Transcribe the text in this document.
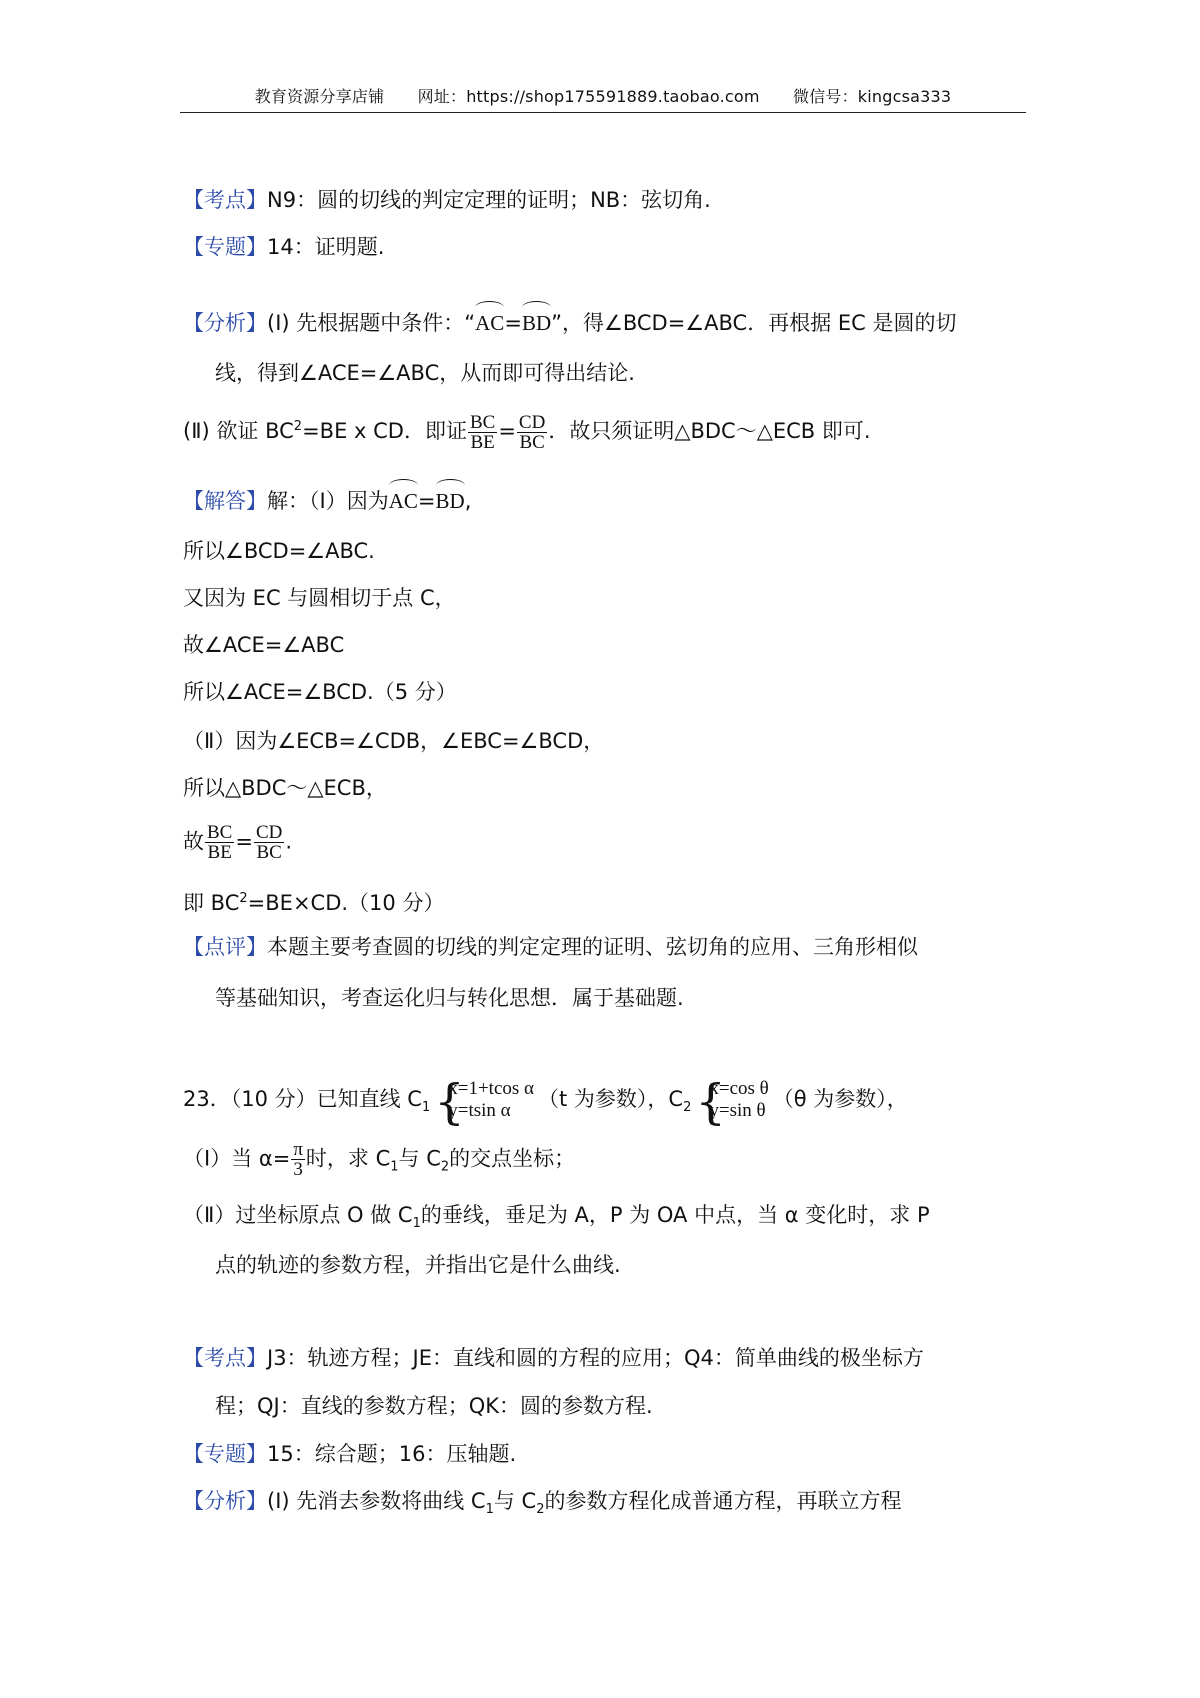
教育资源分享店铺 网址：https://shop175591889.taobao.com 微信号：kingcsa333
【考点】N9：圆的切线的判定定理的证明；NB：弦切角.
【专题】14：证明题.
【分析】(Ⅰ) 先根据题中条件：“AC=BD”，得∠BCD=∠ABC．再根据 EC 是圆的切
线，得到∠ACE=∠ABC，从而即可得出结论.
(Ⅱ) 欲证 $BC^2=BE$ x CD．即证 $\frac{BC}{BE} = \frac{CD}{BC}$ ．故只须证明△BDC～△ECB 即可.
【解答】解：（Ⅰ）因为AC=BD,
所以∠BCD=∠ABC.
又因为 EC 与圆相切于点 C，
故∠ACE=∠ABC
所以∠ACE=∠BCD.（5 分）
（Ⅱ）因为∠ECB=∠CDB，∠EBC=∠BCD，
所以△BDC～△ECB，
故 $\frac{BC}{BE} = \frac{CD}{BC}$ .
即 $BC^2=BE\times CD.(10$ 分）
【点评】本题主要考查圆的切线的判定定理的证明、弦切角的应用、三角形相似
等基础知识，考查运化归与转化思想．属于基础题.
23．（10 分）已知直线 $C_1$ {
x=1+tcos α
y=tsin α	（t 为参数），$C_2$ {
x=cos θ
y=sin θ （θ 为参数），
（Ⅰ）当 $\alpha= \frac{\pi}{3}$ 时，求 $C_1$与 $C_2$的交点坐标；
（Ⅱ）过坐标原点 O 做 $C_1$的垂线，垂足为 A，P 为 OA 中点，当 α 变化时，求 P
点的轨迹的参数方程，并指出它是什么曲线.
【考点】J3：轨迹方程；JE：直线和圆的方程的应用；Q4：简单曲线的极坐标方
程；QJ：直线的参数方程；QK：圆的参数方程.
【专题】15：综合题；16：压轴题.
【分析】(Ⅰ) 先消去参数将曲线 $C_1$与 $C_2$的参数方程化成普通方程，再联立方程
